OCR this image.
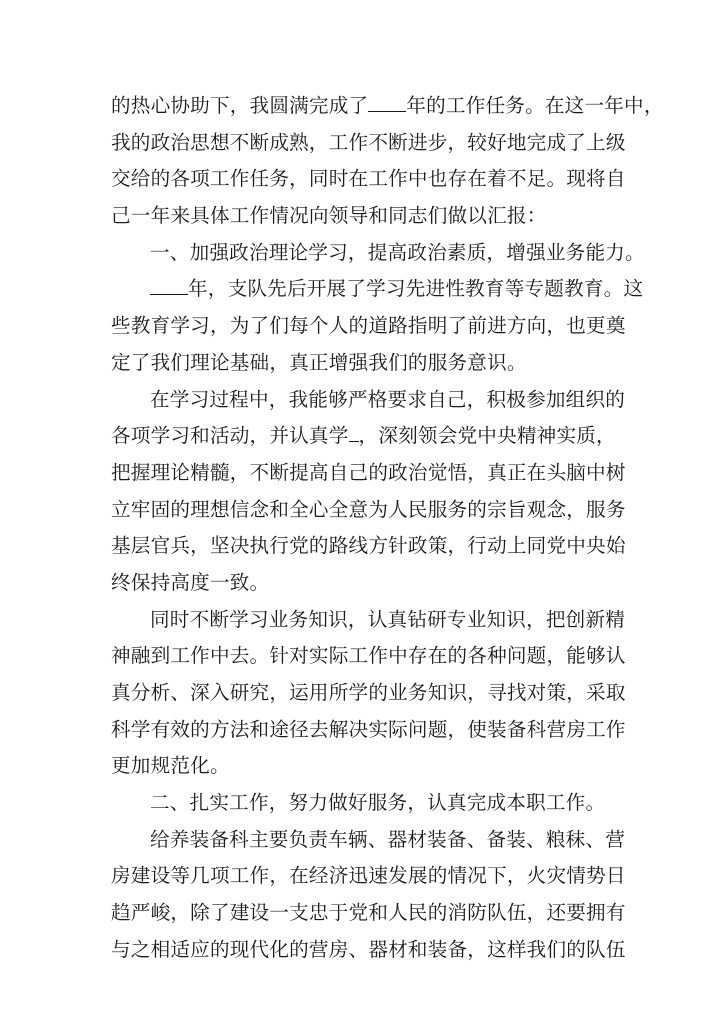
的热心协助下，我圆满完成了 年的工作任务。在这一年中，
我的政治思想不断成熟，工作不断进步，较好地完成了上级
交给的各项工作任务，同时在工作中也存在着不足。现将自
己一年来具体工作情况向领导和同志们做以汇报：
一、加强政治理论学习，提高政治素质，增强业务能力。
年，支队先后开展了学习先进性教育等专题教育。这
些教育学习，为了们每个人的道路指明了前进方向，也更奠
定了我们理论基础，真正增强我们的服务意识。
在学习过程中，我能够严格要求自己，积极参加组织的
各项学习和活动，并认真学 ，深刻领会党中央精神实质，
把握理论精髓，不断提高自己的政治觉悟，真正在头脑中树
立牢固的理想信念和全心全意为人民服务的宗旨观念，服务
基层官兵，坚决执行党的路线方针政策，行动上同党中央始
终保持高度一致。
同时不断学习业务知识，认真钻研专业知识，把创新精
神融到工作中去。针对实际工作中存在的各种问题，能够认
真分析、深入研究，运用所学的业务知识，寻找对策，采取
科学有效的方法和途径去解决实际问题，使装备科营房工作
更加规范化。
二、扎实工作，努力做好服务，认真完成本职工作。
给养装备科主要负责车辆、器材装备、备装、粮秣、营
房建设等几项工作，在经济迅速发展的情况下，火灾情势日
趋严峻，除了建设一支忠于党和人民的消防队伍，还要拥有
与之相适应的现代化的营房、器材和装备，这样我们的队伍
